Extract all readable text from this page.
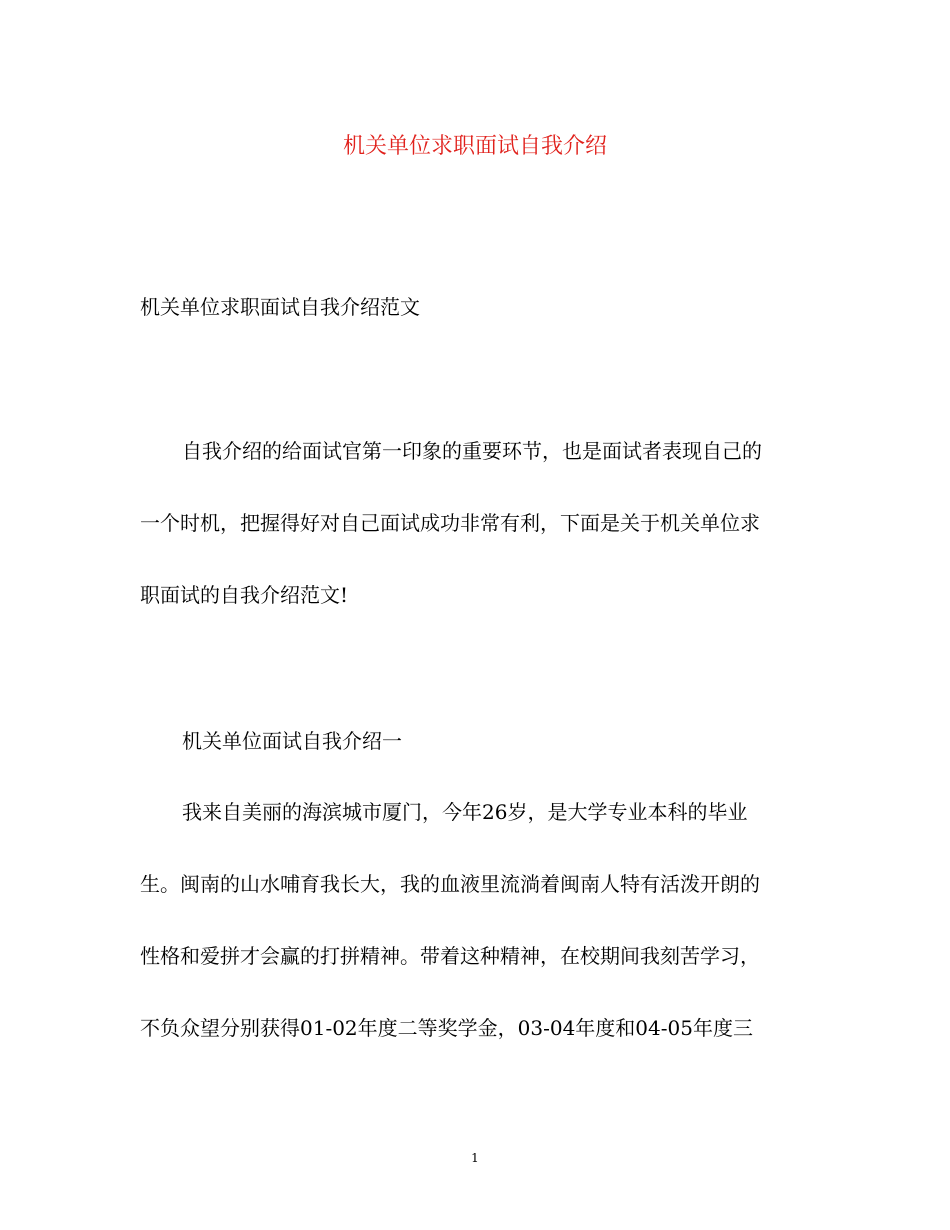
机关单位求职面试自我介绍
机关单位求职面试自我介绍范文
自我介绍的给面试官第一印象的重要环节，也是面试者表现自己的
一个时机，把握得好对自己面试成功非常有利，下面是关于机关单位求
职面试的自我介绍范文!
机关单位面试自我介绍一
我来自美丽的海滨城市厦门，今年26岁，是大学专业本科的毕业
生。闽南的山水哺育我长大，我的血液里流淌着闽南人特有活泼开朗的
性格和爱拼才会赢的打拼精神。带着这种精神，在校期间我刻苦学习，
不负众望分别获得01-02年度二等奖学金，03-04年度和04-05年度三
1
